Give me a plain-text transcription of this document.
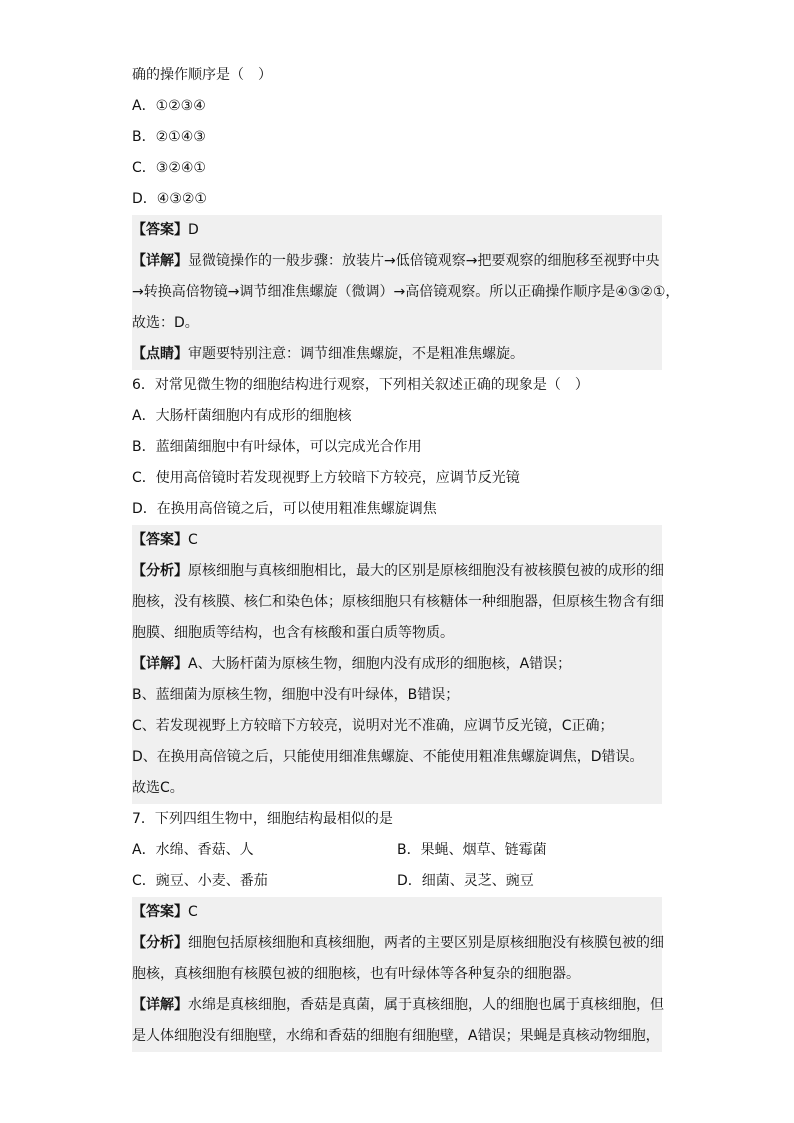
确的操作顺序是（　）
A．①②③④
B．②①④③
C．③②④①
D．④③②①
【答案】D
【详解】显微镜操作的一般步骤：放装片→低倍镜观察→把要观察的细胞移至视野中央
→转换高倍物镜→调节细准焦螺旋（微调）→高倍镜观察。所以正确操作顺序是④③②①，
故选：D。
【点睛】审题要特别注意：调节细准焦螺旋，不是粗准焦螺旋。
6．对常见微生物的细胞结构进行观察，下列相关叙述正确的现象是（　）
A．大肠杆菌细胞内有成形的细胞核
B．蓝细菌细胞中有叶绿体，可以完成光合作用
C．使用高倍镜时若发现视野上方较暗下方较亮，应调节反光镜
D．在换用高倍镜之后，可以使用粗准焦螺旋调焦
【答案】C
【分析】原核细胞与真核细胞相比，最大的区别是原核细胞没有被核膜包被的成形的细
胞核，没有核膜、核仁和染色体；原核细胞只有核糖体一种细胞器，但原核生物含有细
胞膜、细胞质等结构，也含有核酸和蛋白质等物质。
【详解】A、大肠杆菌为原核生物，细胞内没有成形的细胞核，A错误；
B、蓝细菌为原核生物，细胞中没有叶绿体，B错误；
C、若发现视野上方较暗下方较亮，说明对光不准确，应调节反光镜，C正确；
D、在换用高倍镜之后，只能使用细准焦螺旋、不能使用粗准焦螺旋调焦，D错误。
故选C。
7．下列四组生物中，细胞结构最相似的是
A．水绵、香菇、人	B．果蝇、烟草、链霉菌
C．豌豆、小麦、番茄	D．细菌、灵芝、豌豆
【答案】C
【分析】细胞包括原核细胞和真核细胞，两者的主要区别是原核细胞没有核膜包被的细
胞核，真核细胞有核膜包被的细胞核，也有叶绿体等各种复杂的细胞器。
【详解】水绵是真核细胞，香菇是真菌，属于真核细胞，人的细胞也属于真核细胞，但
是人体细胞没有细胞壁，水绵和香菇的细胞有细胞壁，A错误；果蝇是真核动物细胞，
